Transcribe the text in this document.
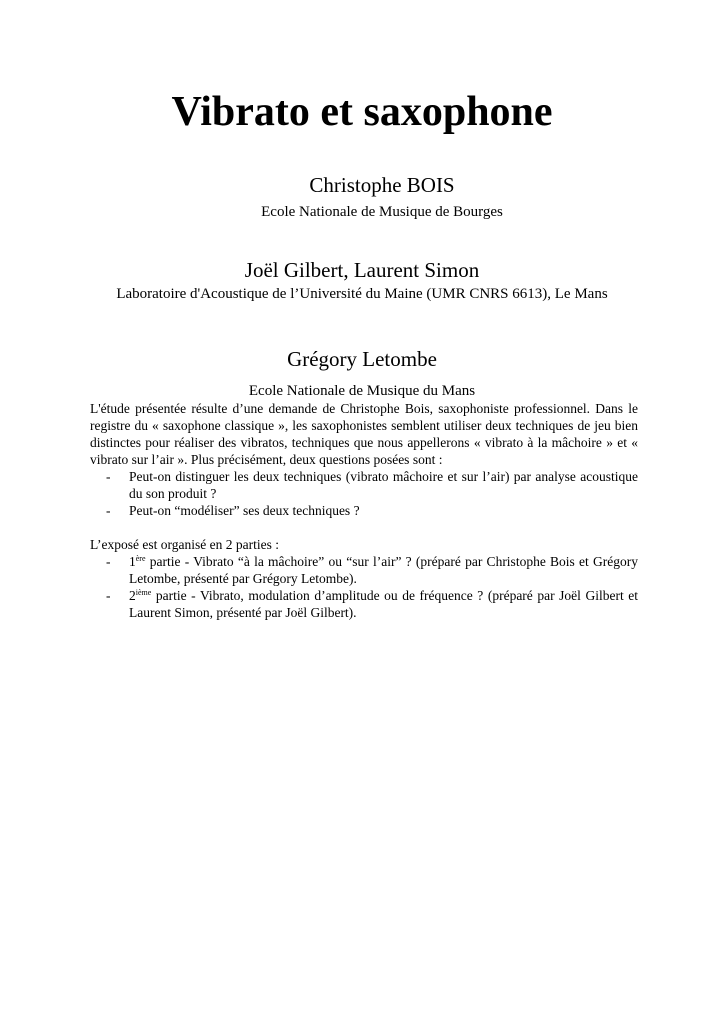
Vibrato et saxophone
Christophe BOIS
Ecole Nationale de Musique de Bourges
Joël Gilbert, Laurent Simon
Laboratoire d'Acoustique de l’Université du Maine (UMR CNRS 6613), Le Mans
Grégory Letombe
Ecole Nationale de Musique du Mans

L'étude présentée résulte d’une demande de Christophe Bois, saxophoniste professionnel. Dans le registre du « saxophone classique », les saxophonistes semblent utiliser deux techniques de jeu bien distinctes pour réaliser des vibratos, techniques que nous appellerons « vibrato à la mâchoire » et « vibrato sur l’air ». Plus précisément, deux questions posées sont :

- Peut-on distinguer les deux techniques (vibrato mâchoire et sur l’air) par analyse acoustique du son produit ?
- Peut-on “modéliser” ses deux techniques ?

L’exposé est organisé en 2 parties :

- 1ère partie - Vibrato “à la mâchoire” ou “sur l’air” ? (préparé par Christophe Bois et Grégory Letombe, présenté par Grégory Letombe).
- 2ième partie - Vibrato, modulation d’amplitude ou de fréquence ? (préparé par Joël Gilbert et Laurent Simon, présenté par Joël Gilbert).
